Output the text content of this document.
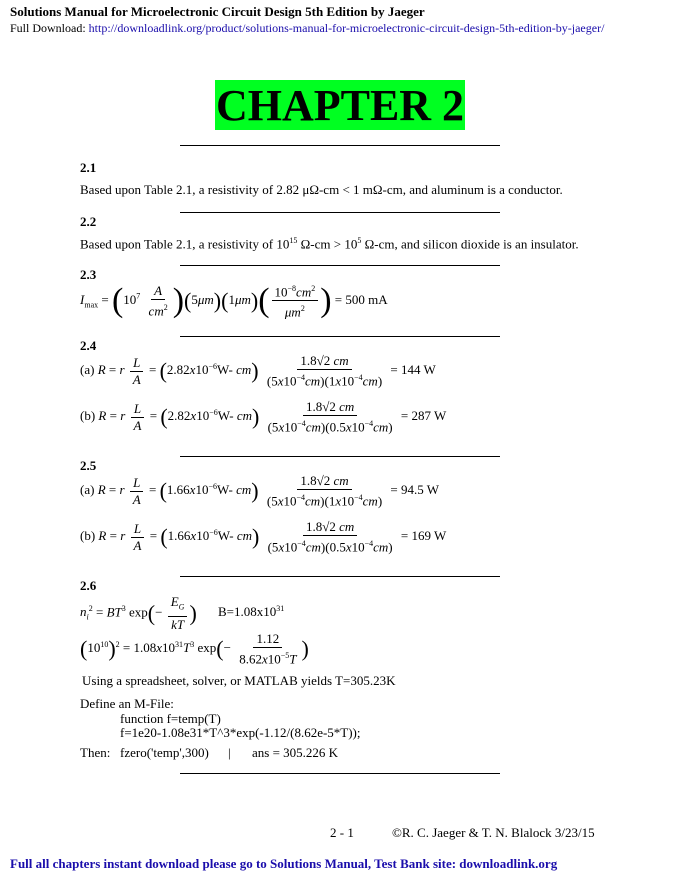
Solutions Manual for Microelectronic Circuit Design 5th Edition by Jaeger
Full Download: http://downloadlink.org/product/solutions-manual-for-microelectronic-circuit-design-5th-edition-by-jaeger/
CHAPTER 2
2.1
Based upon Table 2.1, a resistivity of 2.82 μΩ-cm < 1 mΩ-cm, and aluminum is a conductor.
2.2
Based upon Table 2.1, a resistivity of $10^{15}$ $\Omega-cm > 10^5$ Ω-cm, and silicon dioxide is an insulator.
2.3
$I_{max} = (10^7 \frac{A}{cm^2} )(5\mu m)(1\mu m)( \frac{10^{-8}cm^2}{\mu m^2}$ ) = 500 mA
2.4
(a) R = r $\frac{L}{A} = (2.82x10^{-6}W-$ $cm) \frac{1.8√2 cm}{(5x10^{-4}cm)(1x10^{-4}cm)} = 144$ W
(b) R = r $\frac{L}{A} = (2.82x10^{-6}W-$ $cm) \frac{1.8√2 cm}{(5x10^{-4}cm)(0.5x10^{-4}cm)} = 287$ W
2.5
(a) R = r $\frac{L}{A} = (1.66x10^{-6}W-$ $cm) \frac{1.8√2 cm}{(5x10^{-4}cm)(1x10^{-4}cm)} = 94.5$ W
(b) R = r $\frac{L}{A} = (1.66x10^{-6}W-$ $cm) \frac{1.8√2 cm}{(5x10^{-4}cm)(0.5x10^{-4}cm)} = 169$ W
2.6
$n_i^2 = BT^3$ $\exp(- \frac{E_G}{kT}$ ) $B=1.08x10^{31}$
$(10^{10})^2 = 1.08x10^{31}T^3$ $\exp(- \frac{1.12}{8.62x10^{-5}T}$ )
Using a spreadsheet, solver, or MATLAB yields T=305.23K
Define an M-File:
function f=temp(T)
f=1e20-1.08e31*T^3*exp(-1.12/(8.62e-5*T));
Then: fzero('temp',300) | ans = 305.226 K
2 - 1	©R. C. Jaeger & T. N. Blalock 3/23/15
Full all chapters instant download please go to Solutions Manual, Test Bank site: downloadlink.org
